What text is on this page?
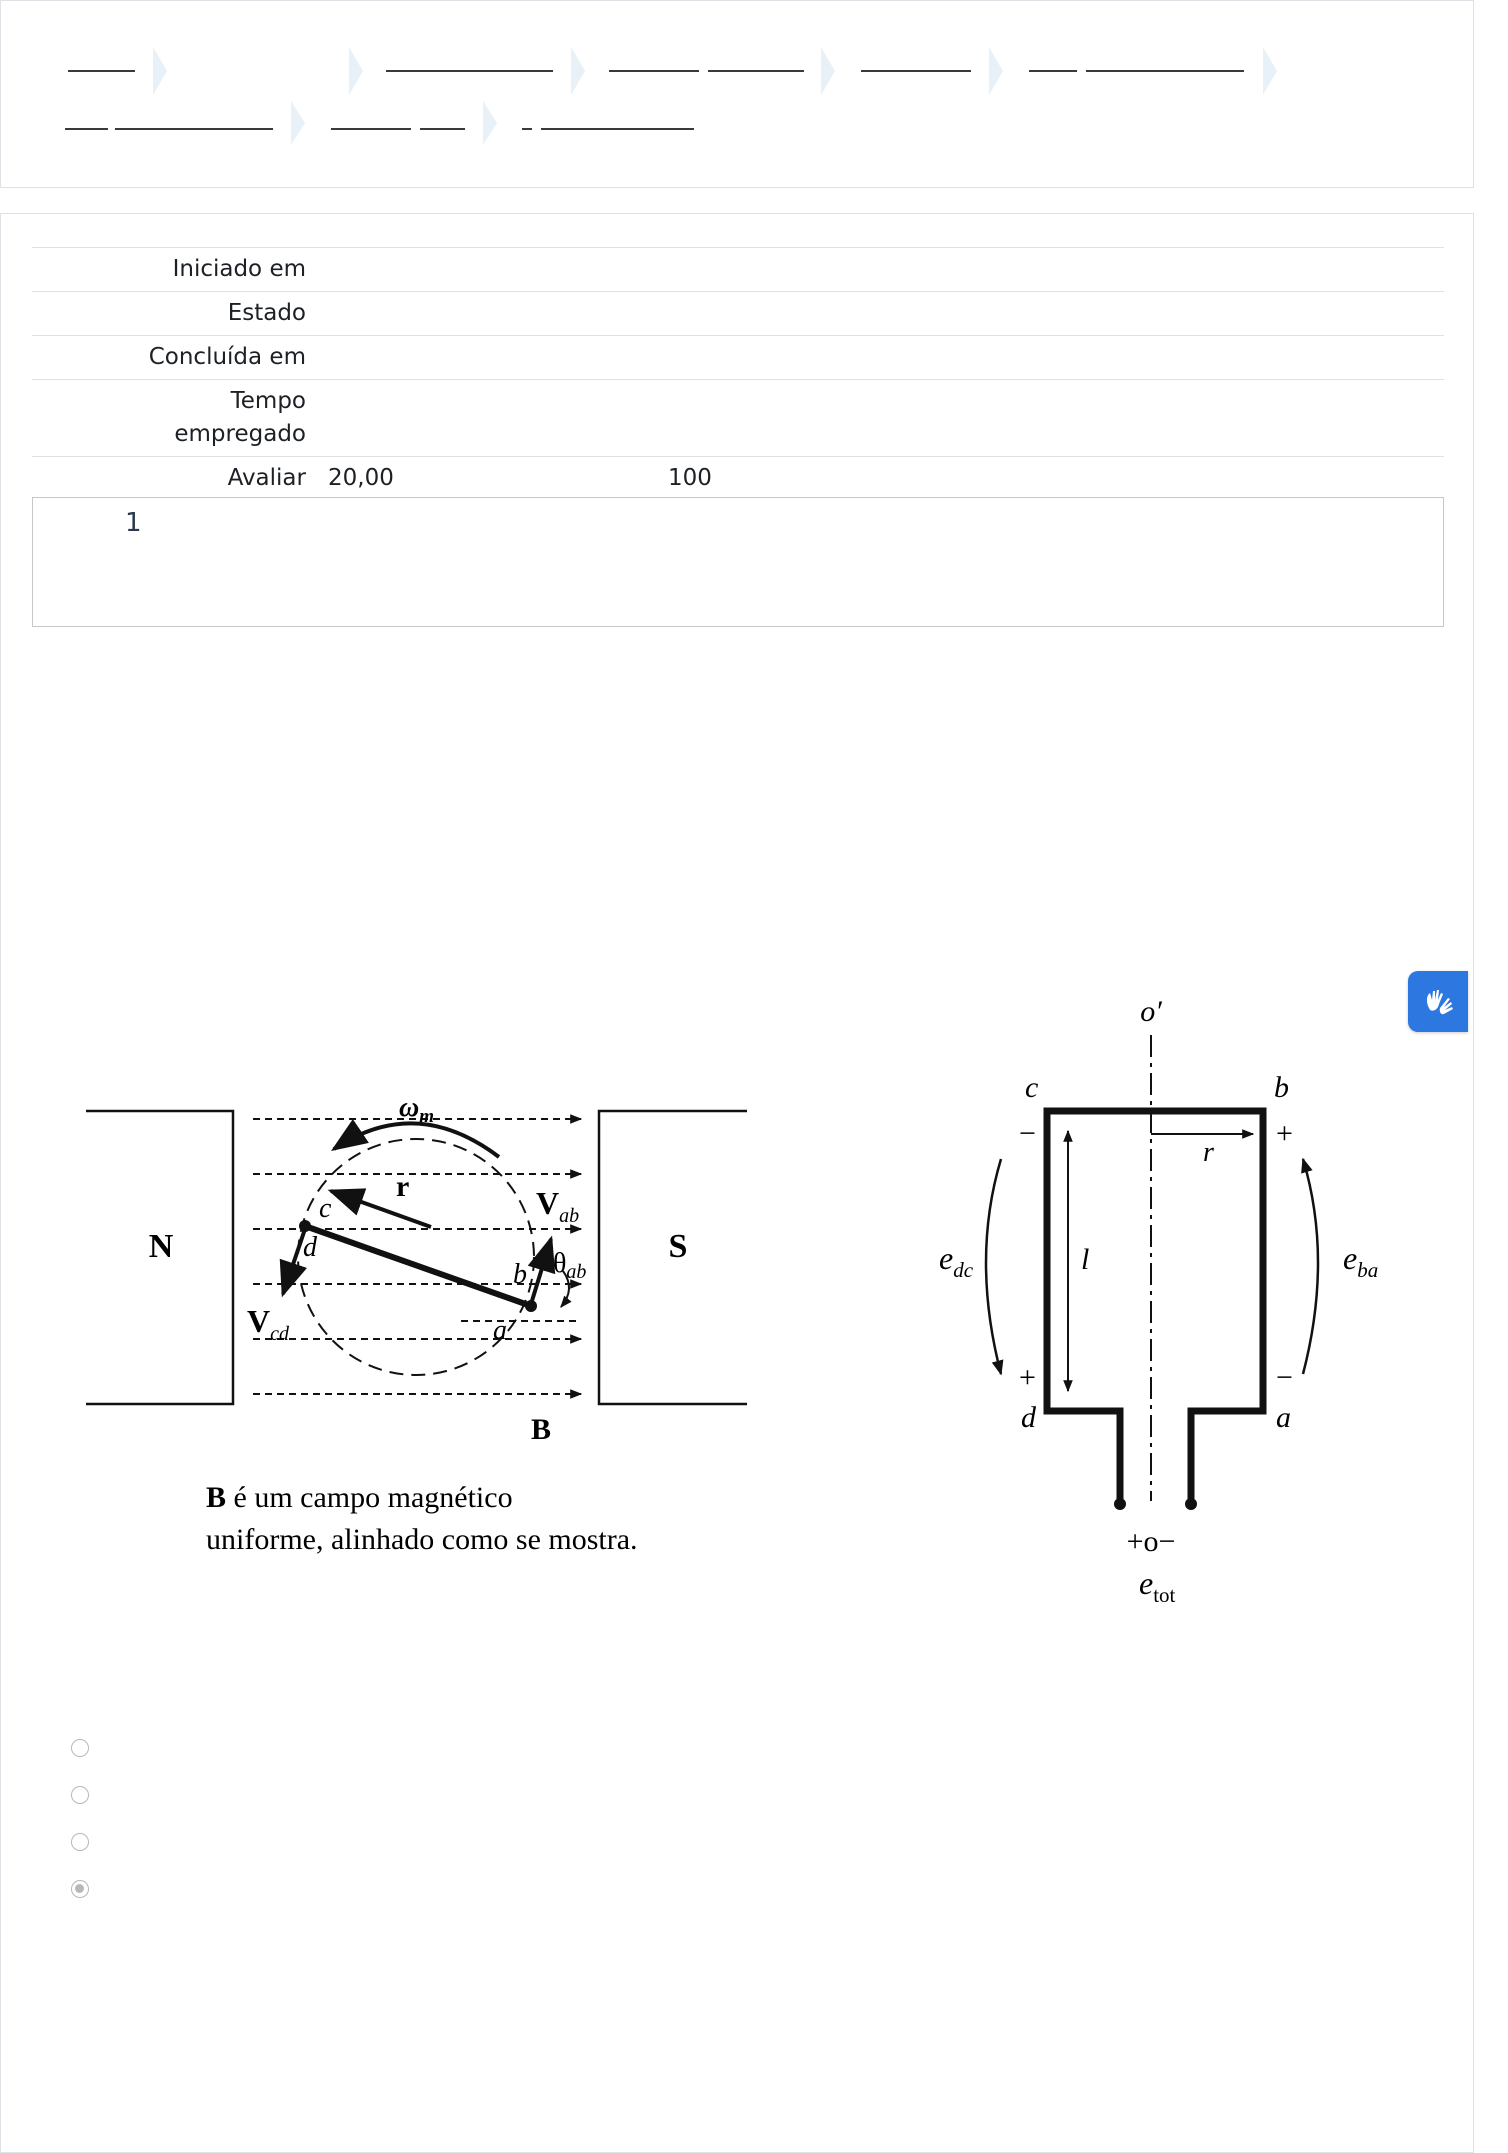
Iniciado em	
Estado	
Concluída em	
Tempo empregado	
Avaliar	20,00 100
1
N	S
$\omega_m$
r	$V_{ab}$
$V_{cd}$
$\theta_{ab}$
b
a
c
d
B
B é um campo magnético
uniforme, alinhado como se mostra.
o′
r
l
c	b
d	a
−	+
+	−
$e_{dc}$	$e_{ba}$
+o−
$e_{tot}$
